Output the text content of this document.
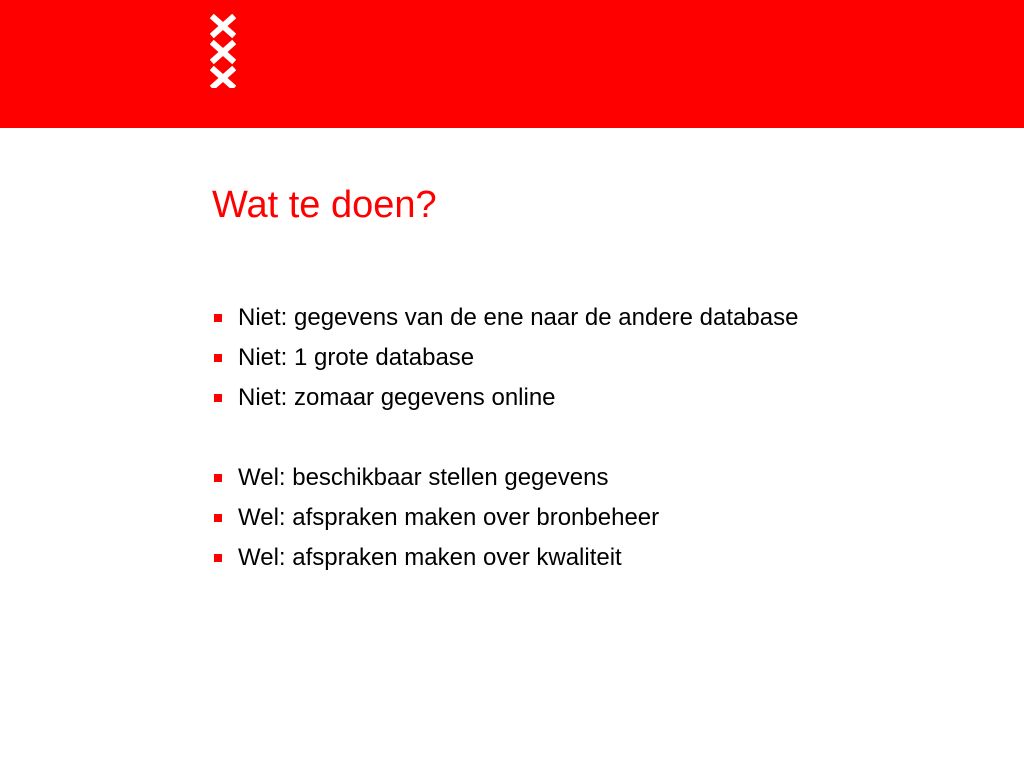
Wat te doen?
Niet: gegevens van de ene naar de andere database
Niet: 1 grote database
Niet: zomaar gegevens online
Wel: beschikbaar stellen gegevens
Wel: afspraken maken over bronbeheer
Wel: afspraken maken over kwaliteit
